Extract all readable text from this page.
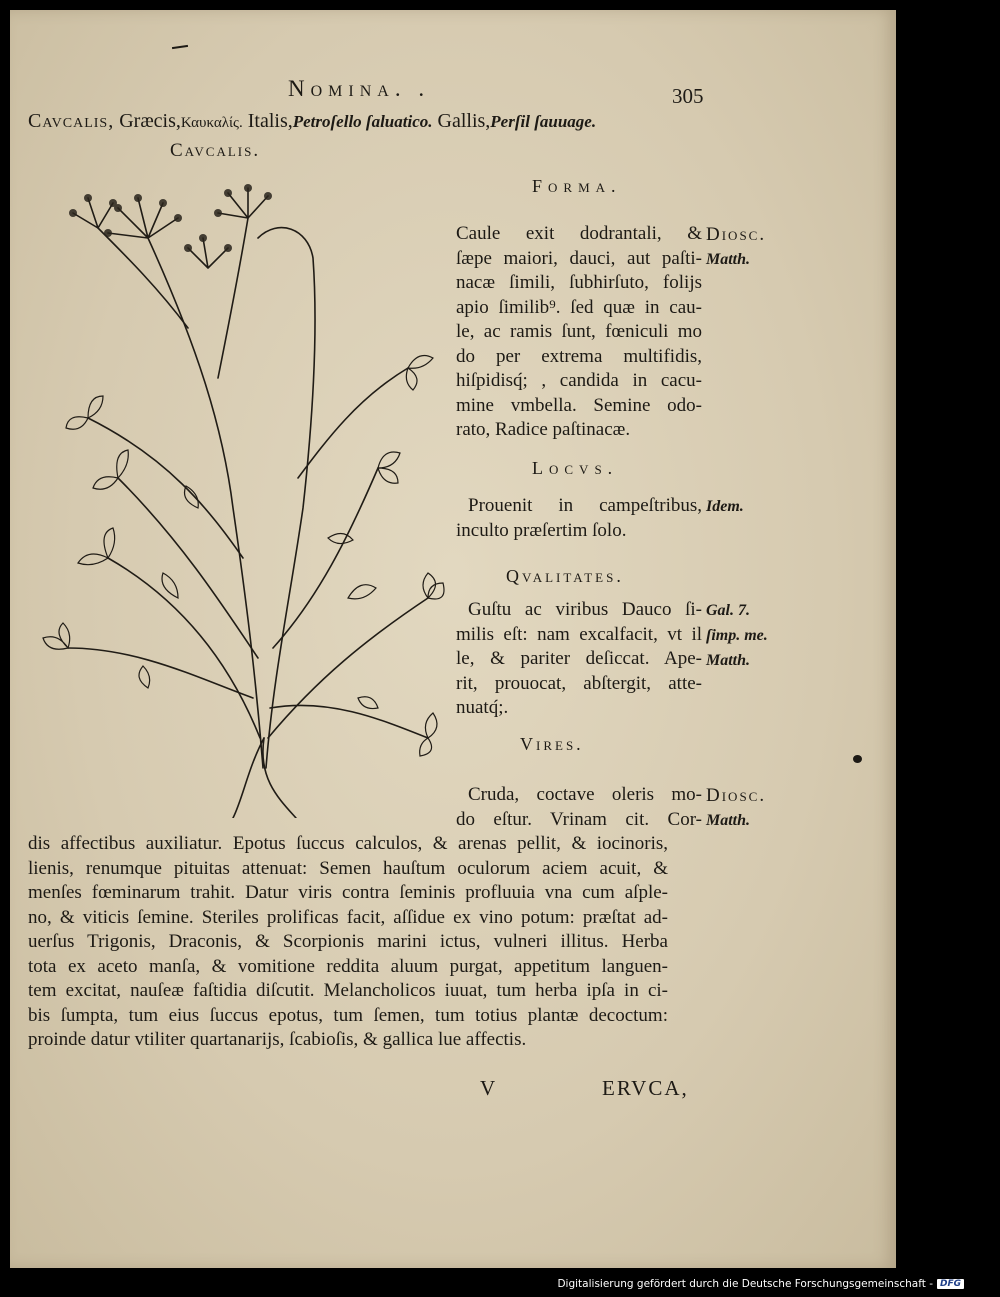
Nomina. .	305
Cavcalis, Græcis,Καυκαλίς. Italis,Petroſello ſaluatico. Gallis,Perſil ſauuage.
Cavcalis.
Forma.
Caule exit dodrantali, &
ſæpe maiori, dauci, aut paſti-
nacæ ſimili, ſubhirſuto, folijs
apio ſimilib⁹. ſed quæ in cau-
le, ac ramis ſunt, fœniculi mo
do per extrema multifidis,
hiſpidisq́; , candida in cacu-
mine vmbella. Semine odo-
rato, Radice paſtinacæ.
Diosc.
Matth.
Locvs.
Prouenit in campeſtribus,
inculto præſertim ſolo.
Idem.
Qvalitates.
Guſtu ac viribus Dauco ſi-
milis eſt: nam excalfacit, vt il
le, & pariter deſiccat. Ape-
rit, prouocat, abſtergit, atte-
nuatq́;.
Gal. 7.
ſimp. me.
Matth.
Vires.
Cruda, coctave oleris mo-
do eſtur. Vrinam cit. Cor-
Diosc.
Matth.
dis affectibus auxiliatur. Epotus ſuccus calculos, & arenas pellit, & iocinoris,
lienis, renumque pituitas attenuat: Semen hauſtum oculorum aciem acuit, &
menſes fœminarum trahit. Datur viris contra ſeminis profluuia vna cum aſple-
no, & viticis ſemine. Steriles prolificas facit, aſſidue ex vino potum: præſtat ad-
uerſus Trigonis, Draconis, & Scorpionis marini ictus, vulneri illitus. Herba
tota ex aceto manſa, & vomitione reddita aluum purgat, appetitum languen-
tem excitat, nauſeæ faſtidia diſcutit. Melancholicos iuuat, tum herba ipſa in ci-
bis ſumpta, tum eius ſuccus epotus, tum ſemen, tum totius plantæ decoctum:
proinde datur vtiliter quartanarijs, ſcabioſis, & gallica lue affectis.
V	ERVCA,
Digitalisierung gefördert durch die Deutsche Forschungsgemeinschaft - DFG
